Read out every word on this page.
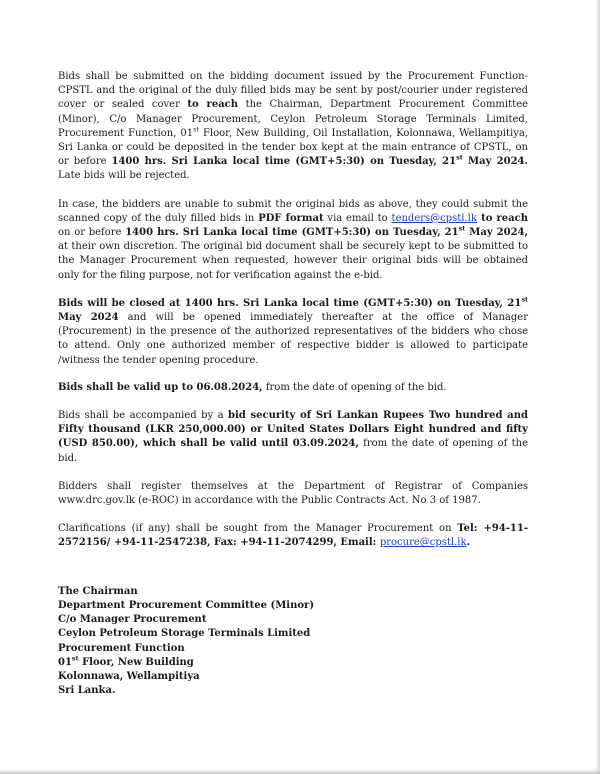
Bids shall be submitted on the bidding document issued by the Procurement Function-CPSTL and the original of the duly filled bids may be sent by post/courier under registered cover or sealed cover to reach the Chairman, Department Procurement Committee (Minor), C/o Manager Procurement, Ceylon Petroleum Storage Terminals Limited, Procurement Function, 01st Floor, New Building, Oil Installation, Kolonnawa, Wellampitiya, Sri Lanka or could be deposited in the tender box kept at the main entrance of CPSTL, on or before 1400 hrs. Sri Lanka local time (GMT+5:30) on Tuesday, 21st May 2024. Late bids will be rejected.

In case, the bidders are unable to submit the original bids as above, they could submit the scanned copy of the duly filled bids in PDF format via email to tenders@cpstl.lk to reach on or before 1400 hrs. Sri Lanka local time (GMT+5:30) on Tuesday, 21st May 2024, at their own discretion. The original bid document shall be securely kept to be submitted to the Manager Procurement when requested, however their original bids will be obtained only for the filing purpose, not for verification against the e-bid.

Bids will be closed at 1400 hrs. Sri Lanka local time (GMT+5:30) on Tuesday, 21st May 2024 and will be opened immediately thereafter at the office of Manager (Procurement) in the presence of the authorized representatives of the bidders who chose to attend. Only one authorized member of respective bidder is allowed to participate /witness the tender opening procedure.

Bids shall be valid up to 06.08.2024, from the date of opening of the bid.

Bids shall be accompanied by a bid security of Sri Lankan Rupees Two hundred and Fifty thousand (LKR 250,000.00) or United States Dollars Eight hundred and fifty (USD 850.00), which shall be valid until 03.09.2024, from the date of opening of the bid.

Bidders shall register themselves at the Department of Registrar of Companies www.drc.gov.lk (e-ROC) in accordance with the Public Contracts Act. No 3 of 1987.

Clarifications (if any) shall be sought from the Manager Procurement on Tel: +94-11-2572156/ +94-11-2547238, Fax: +94-11-2074299, Email: procure@cpstl.lk.

The Chairman
Department Procurement Committee (Minor)
C/o Manager Procurement
Ceylon Petroleum Storage Terminals Limited
Procurement Function
01st Floor, New Building
Kolonnawa, Wellampitiya
Sri Lanka.
